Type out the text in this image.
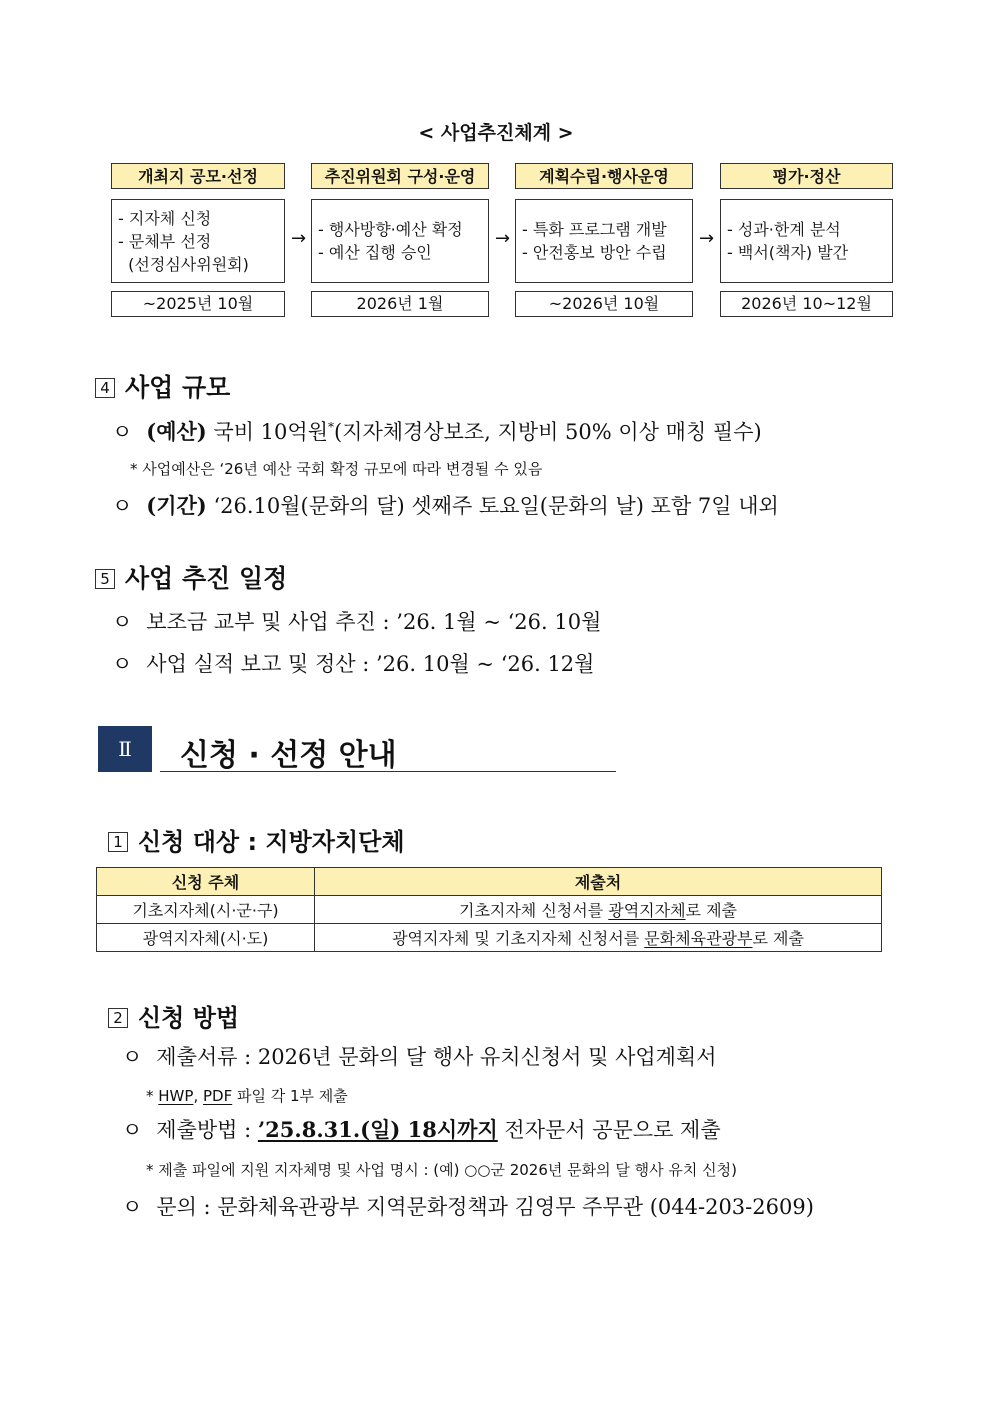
< 사업추진체계 >
개최지 공모·선정
- 지자체 신청
- 문체부 선정
(선정심사위원회)
~2025년 10월
→
추진위원회 구성·운영
- 행사방향·예산 확정
- 예산 집행 승인
2026년 1월
→
계획수립·행사운영
- 특화 프로그램 개발
- 안전홍보 방안 수립
~2026년 10월
→
평가·정산
- 성과·한계 분석
- 백서(책자) 발간
2026년 10~12월
4 사업 규모
ㅇ (예산) 국비 10억원*(지자체경상보조, 지방비 50% 이상 매칭 필수)
* 사업예산은 ‘26년 예산 국회 확정 규모에 따라 변경될 수 있음
ㅇ (기간) ‘26.10월(문화의 달) 셋째주 토요일(문화의 날) 포함 7일 내외
5 사업 추진 일정
ㅇ 보조금 교부 및 사업 추진 : ’26. 1월 ~ ‘26. 10월
ㅇ 사업 실적 보고 및 정산 : ’26. 10월 ~ ‘26. 12월
Ⅱ	신청 · 선정 안내
1 신청 대상 : 지방자치단체
신청 주체	제출처
기초지자체(시·군·구)	기초지자체 신청서를 광역지자체로 제출
광역지자체(시·도)	광역지자체 및 기초지자체 신청서를 문화체육관광부로 제출
2 신청 방법
ㅇ 제출서류 : 2026년 문화의 달 행사 유치신청서 및 사업계획서
* HWP, PDF 파일 각 1부 제출
ㅇ 제출방법 : ’25.8.31.(일) 18시까지 전자문서 공문으로 제출
* 제출 파일에 지원 지자체명 및 사업 명시 : (예) ○○군 2026년 문화의 달 행사 유치 신청)
ㅇ 문의 : 문화체육관광부 지역문화정책과 김영무 주무관 (044-203-2609)
